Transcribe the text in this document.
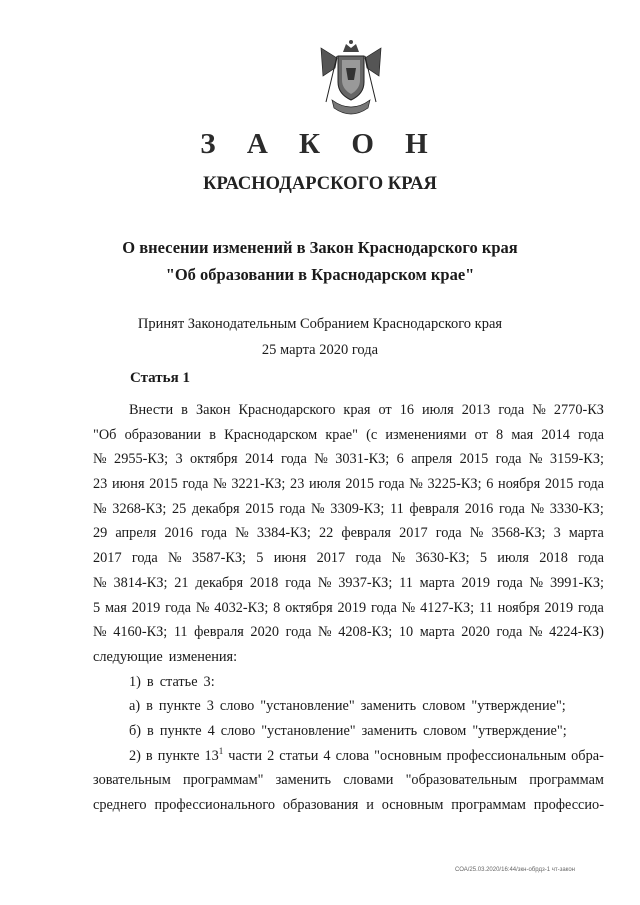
З А К О Н
КРАСНОДАРСКОГО КРАЯ
О внесении изменений в Закон Краснодарского края
"Об образовании в Краснодарском крае"
Принят Законодательным Собранием Краснодарского края
25 марта 2020 года
Статья 1
Внести в Закон Краснодарского края от 16 июля 2013 года № 2770-КЗ
"Об образовании в Краснодарском крае" (с изменениями от 8 мая 2014 года
№ 2955-КЗ; 3 октября 2014 года № 3031-КЗ; 6 апреля 2015 года № 3159-КЗ;
23 июня 2015 года № 3221-КЗ; 23 июля 2015 года № 3225-КЗ; 6 ноября 2015 года
№ 3268-КЗ; 25 декабря 2015 года № 3309-КЗ; 11 февраля 2016 года № 3330-КЗ;
29 апреля 2016 года № 3384-КЗ; 22 февраля 2017 года № 3568-КЗ; 3 марта
2017 года № 3587-КЗ; 5 июня 2017 года № 3630-КЗ; 5 июля 2018 года
№ 3814-КЗ; 21 декабря 2018 года № 3937-КЗ; 11 марта 2019 года № 3991-КЗ;
5 мая 2019 года № 4032-КЗ; 8 октября 2019 года № 4127-КЗ; 11 ноября 2019 года
№ 4160-КЗ; 11 февраля 2020 года № 4208-КЗ; 10 марта 2020 года № 4224-КЗ)
следующие изменения:
1) в статье 3:
а) в пункте 3 слово "установление" заменить словом "утверждение";
б) в пункте 4 слово "установление" заменить словом "утверждение";
2) в пункте $13^1$ части 2 статьи 4 слова "основным профессиональным обра-
зовательным программам" заменить словами "образовательным программам
среднего профессионального образования и основным программам профессио-
СОА/25.03.2020/16:44/зкн-обрдз-1 чт-закон
